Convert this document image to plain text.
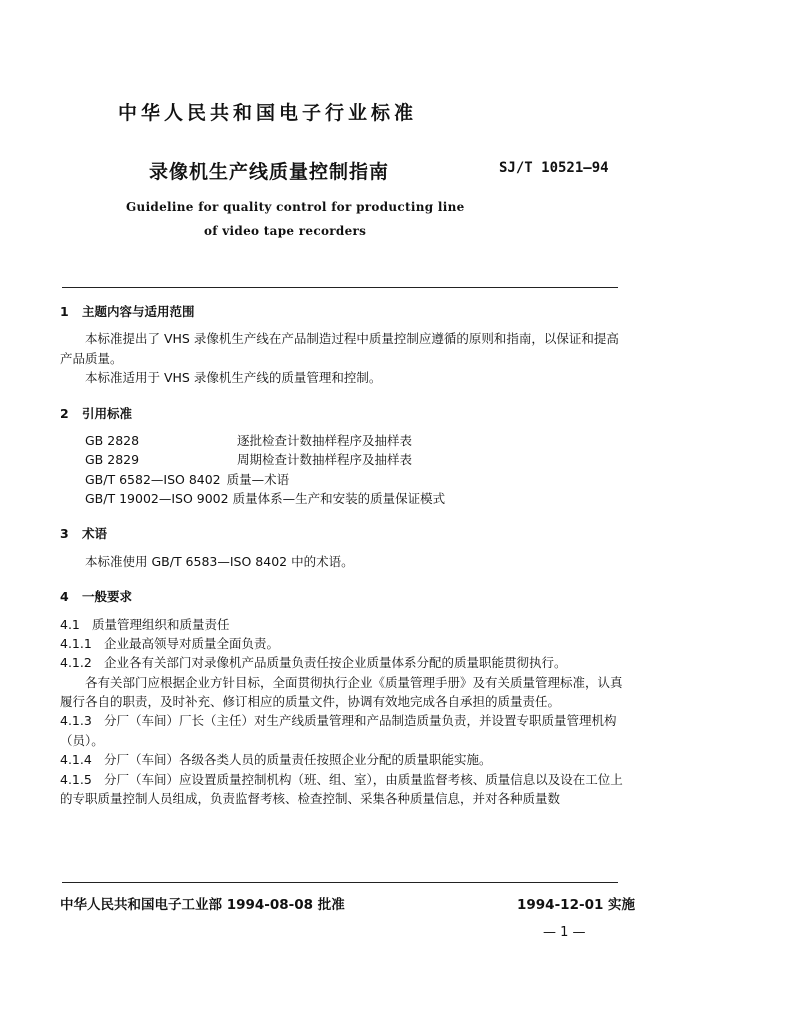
中华人民共和国电子行业标准
录像机生产线质量控制指南	SJ/T 10521—94
Guideline for quality control for producting line
of video tape recorders
1 主题内容与适用范围

本标准提出了 VHS 录像机生产线在产品制造过程中质量控制应遵循的原则和指南，以保证和提高产品质量。

本标准适用于 VHS 录像机生产线的质量管理和控制。

2 引用标准
GB 2828	逐批检查计数抽样程序及抽样表
GB 2829	周期检查计数抽样程序及抽样表
GB/T 6582—ISO 8402 质量—术语
GB/T 19002—ISO 9002 质量体系—生产和安装的质量保证模式
3 术语

本标准使用 GB/T 6583—ISO 8402 中的术语。

4 一般要求
4.1 质量管理组织和质量责任
4.1.1 企业最高领导对质量全面负责。
4.1.2 企业各有关部门对录像机产品质量负责任按企业质量体系分配的质量职能贯彻执行。

各有关部门应根据企业方针目标，全面贯彻执行企业《质量管理手册》及有关质量管理标准，认真履行各自的职责，及时补充、修订相应的质量文件，协调有效地完成各自承担的质量责任。

4.1.3 分厂（车间）厂长（主任）对生产线质量管理和产品制造质量负责，并设置专职质量管理机构（员）。

4.1.4 分厂（车间）各级各类人员的质量责任按照企业分配的质量职能实施。

4.1.5 分厂（车间）应设置质量控制机构（班、组、室），由质量监督考核、质量信息以及设在工位上的专职质量控制人员组成，负责监督考核、检查控制、采集各种质量信息，并对各种质量数

中华人民共和国电子工业部 1994-08-08 批准	1994-12-01 实施
— 1 —
